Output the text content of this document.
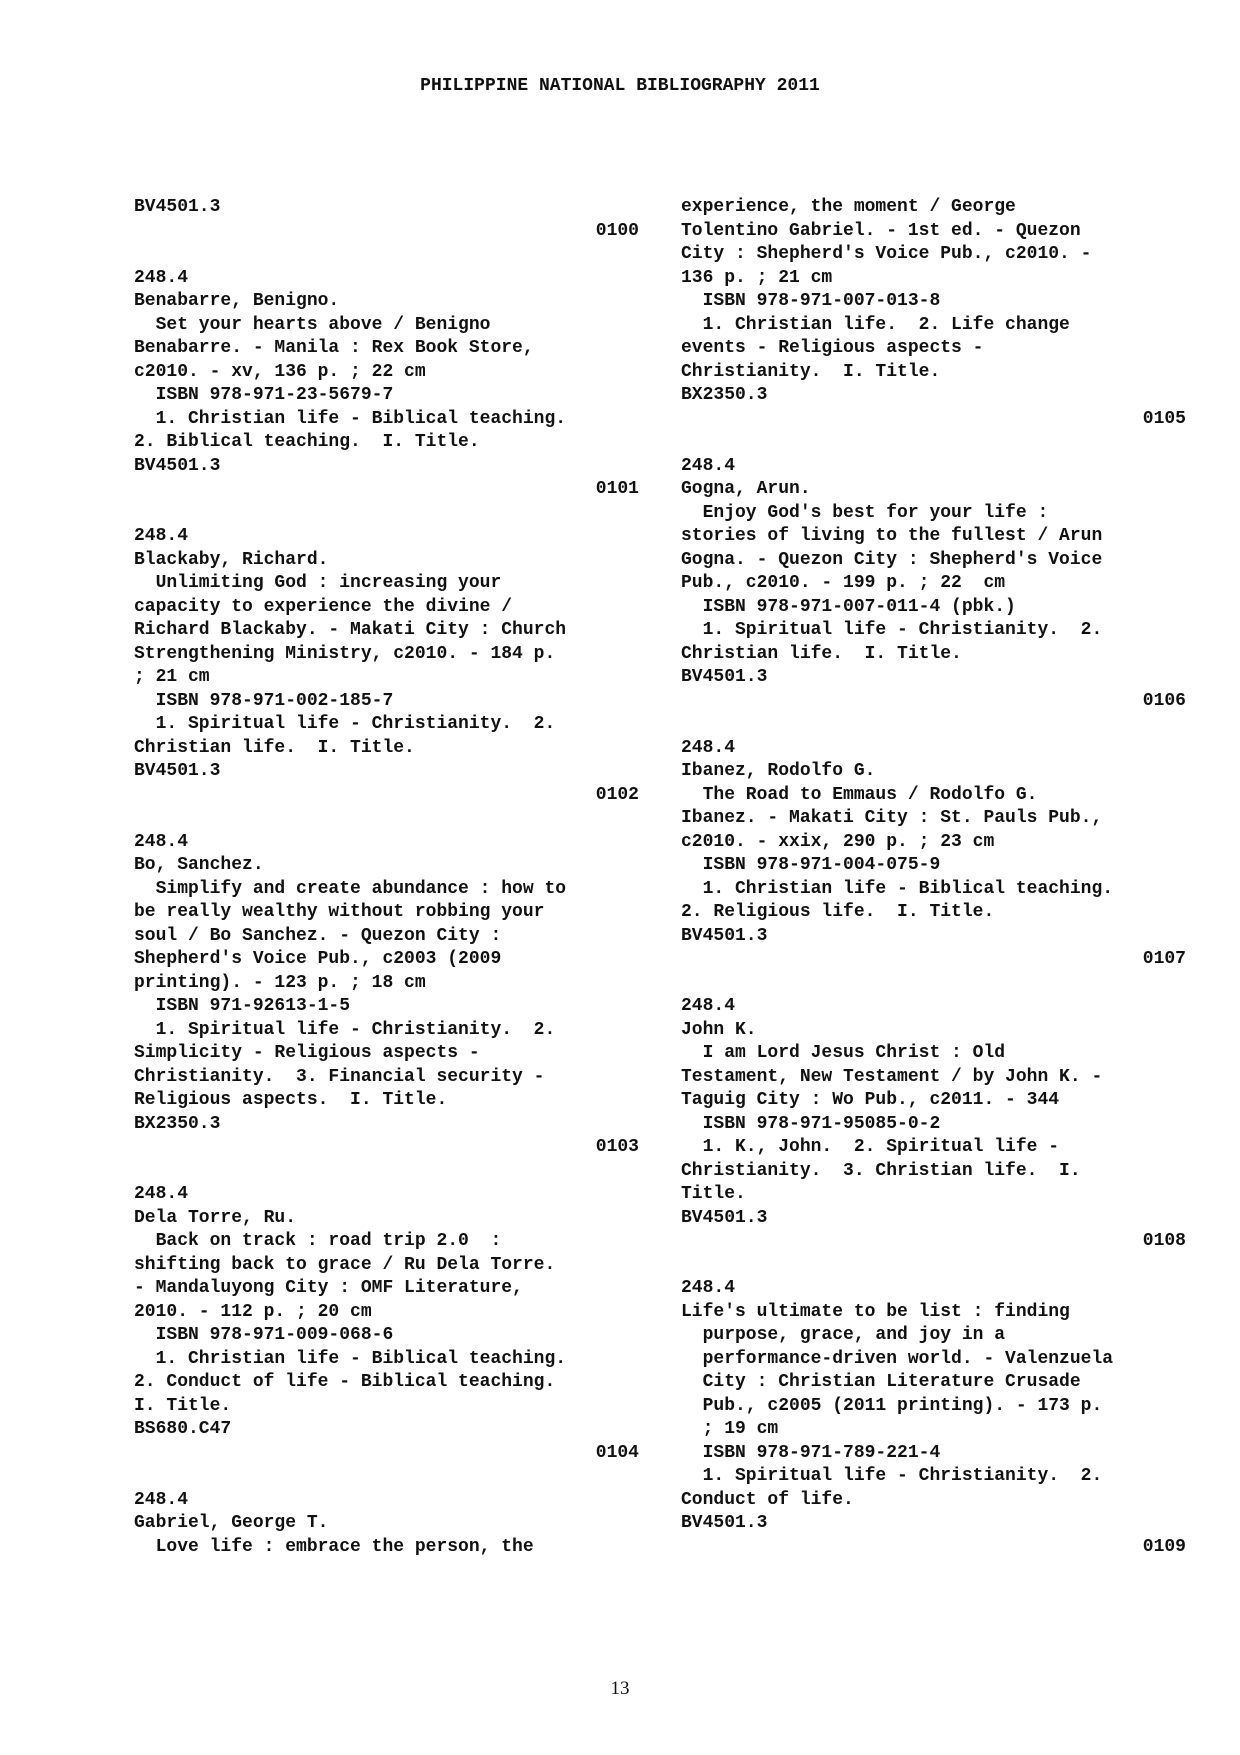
PHILIPPINE NATIONAL BIBLIOGRAPHY 2011
BV4501.3
0100
248.4
Benabarre, Benigno.
Set your hearts above / Benigno
Benabarre. - Manila : Rex Book Store,
c2010. - xv, 136 p. ; 22 cm
ISBN 978-971-23-5679-7
1. Christian life - Biblical teaching.
2. Biblical teaching.  I. Title.
BV4501.3
0101
248.4
Blackaby, Richard.
Unlimiting God : increasing your
capacity to experience the divine /
Richard Blackaby. - Makati City : Church
Strengthening Ministry, c2010. - 184 p.
; 21 cm
ISBN 978-971-002-185-7
1. Spiritual life - Christianity.  2.
Christian life.  I. Title.
BV4501.3
0102
248.4
Bo, Sanchez.
Simplify and create abundance : how to
be really wealthy without robbing your
soul / Bo Sanchez. - Quezon City :
Shepherd's Voice Pub., c2003 (2009
printing). - 123 p. ; 18 cm
ISBN 971-92613-1-5
1. Spiritual life - Christianity.  2.
Simplicity - Religious aspects -
Christianity.  3. Financial security -
Religious aspects.  I. Title.
BX2350.3
0103
248.4
Dela Torre, Ru.
Back on track : road trip 2.0  :
shifting back to grace / Ru Dela Torre.
- Mandaluyong City : OMF Literature,
2010. - 112 p. ; 20 cm
ISBN 978-971-009-068-6
1. Christian life - Biblical teaching.
2. Conduct of life - Biblical teaching.
I. Title.
BS680.C47
0104
248.4
Gabriel, George T.
Love life : embrace the person, the
experience, the moment / George
Tolentino Gabriel. - 1st ed. - Quezon
City : Shepherd's Voice Pub., c2010. -
136 p. ; 21 cm
ISBN 978-971-007-013-8
1. Christian life.  2. Life change
events - Religious aspects -
Christianity.  I. Title.
BX2350.3
0105
248.4
Gogna, Arun.
Enjoy God's best for your life :
stories of living to the fullest / Arun
Gogna. - Quezon City : Shepherd's Voice
Pub., c2010. - 199 p. ; 22  cm
ISBN 978-971-007-011-4 (pbk.)
1. Spiritual life - Christianity.  2.
Christian life.  I. Title.
BV4501.3
0106
248.4
Ibanez, Rodolfo G.
The Road to Emmaus / Rodolfo G.
Ibanez. - Makati City : St. Pauls Pub.,
c2010. - xxix, 290 p. ; 23 cm
ISBN 978-971-004-075-9
1. Christian life - Biblical teaching.
2. Religious life.  I. Title.
BV4501.3
0107
248.4
John K.
I am Lord Jesus Christ : Old
Testament, New Testament / by John K. -
Taguig City : Wo Pub., c2011. - 344
ISBN 978-971-95085-0-2
1. K., John.  2. Spiritual life -
Christianity.  3. Christian life.  I.
Title.
BV4501.3
0108
248.4
Life's ultimate to be list : finding
purpose, grace, and joy in a
performance-driven world. - Valenzuela
City : Christian Literature Crusade
Pub., c2005 (2011 printing). - 173 p.
; 19 cm
ISBN 978-971-789-221-4
1. Spiritual life - Christianity.  2.
Conduct of life.
BV4501.3
0109
13
